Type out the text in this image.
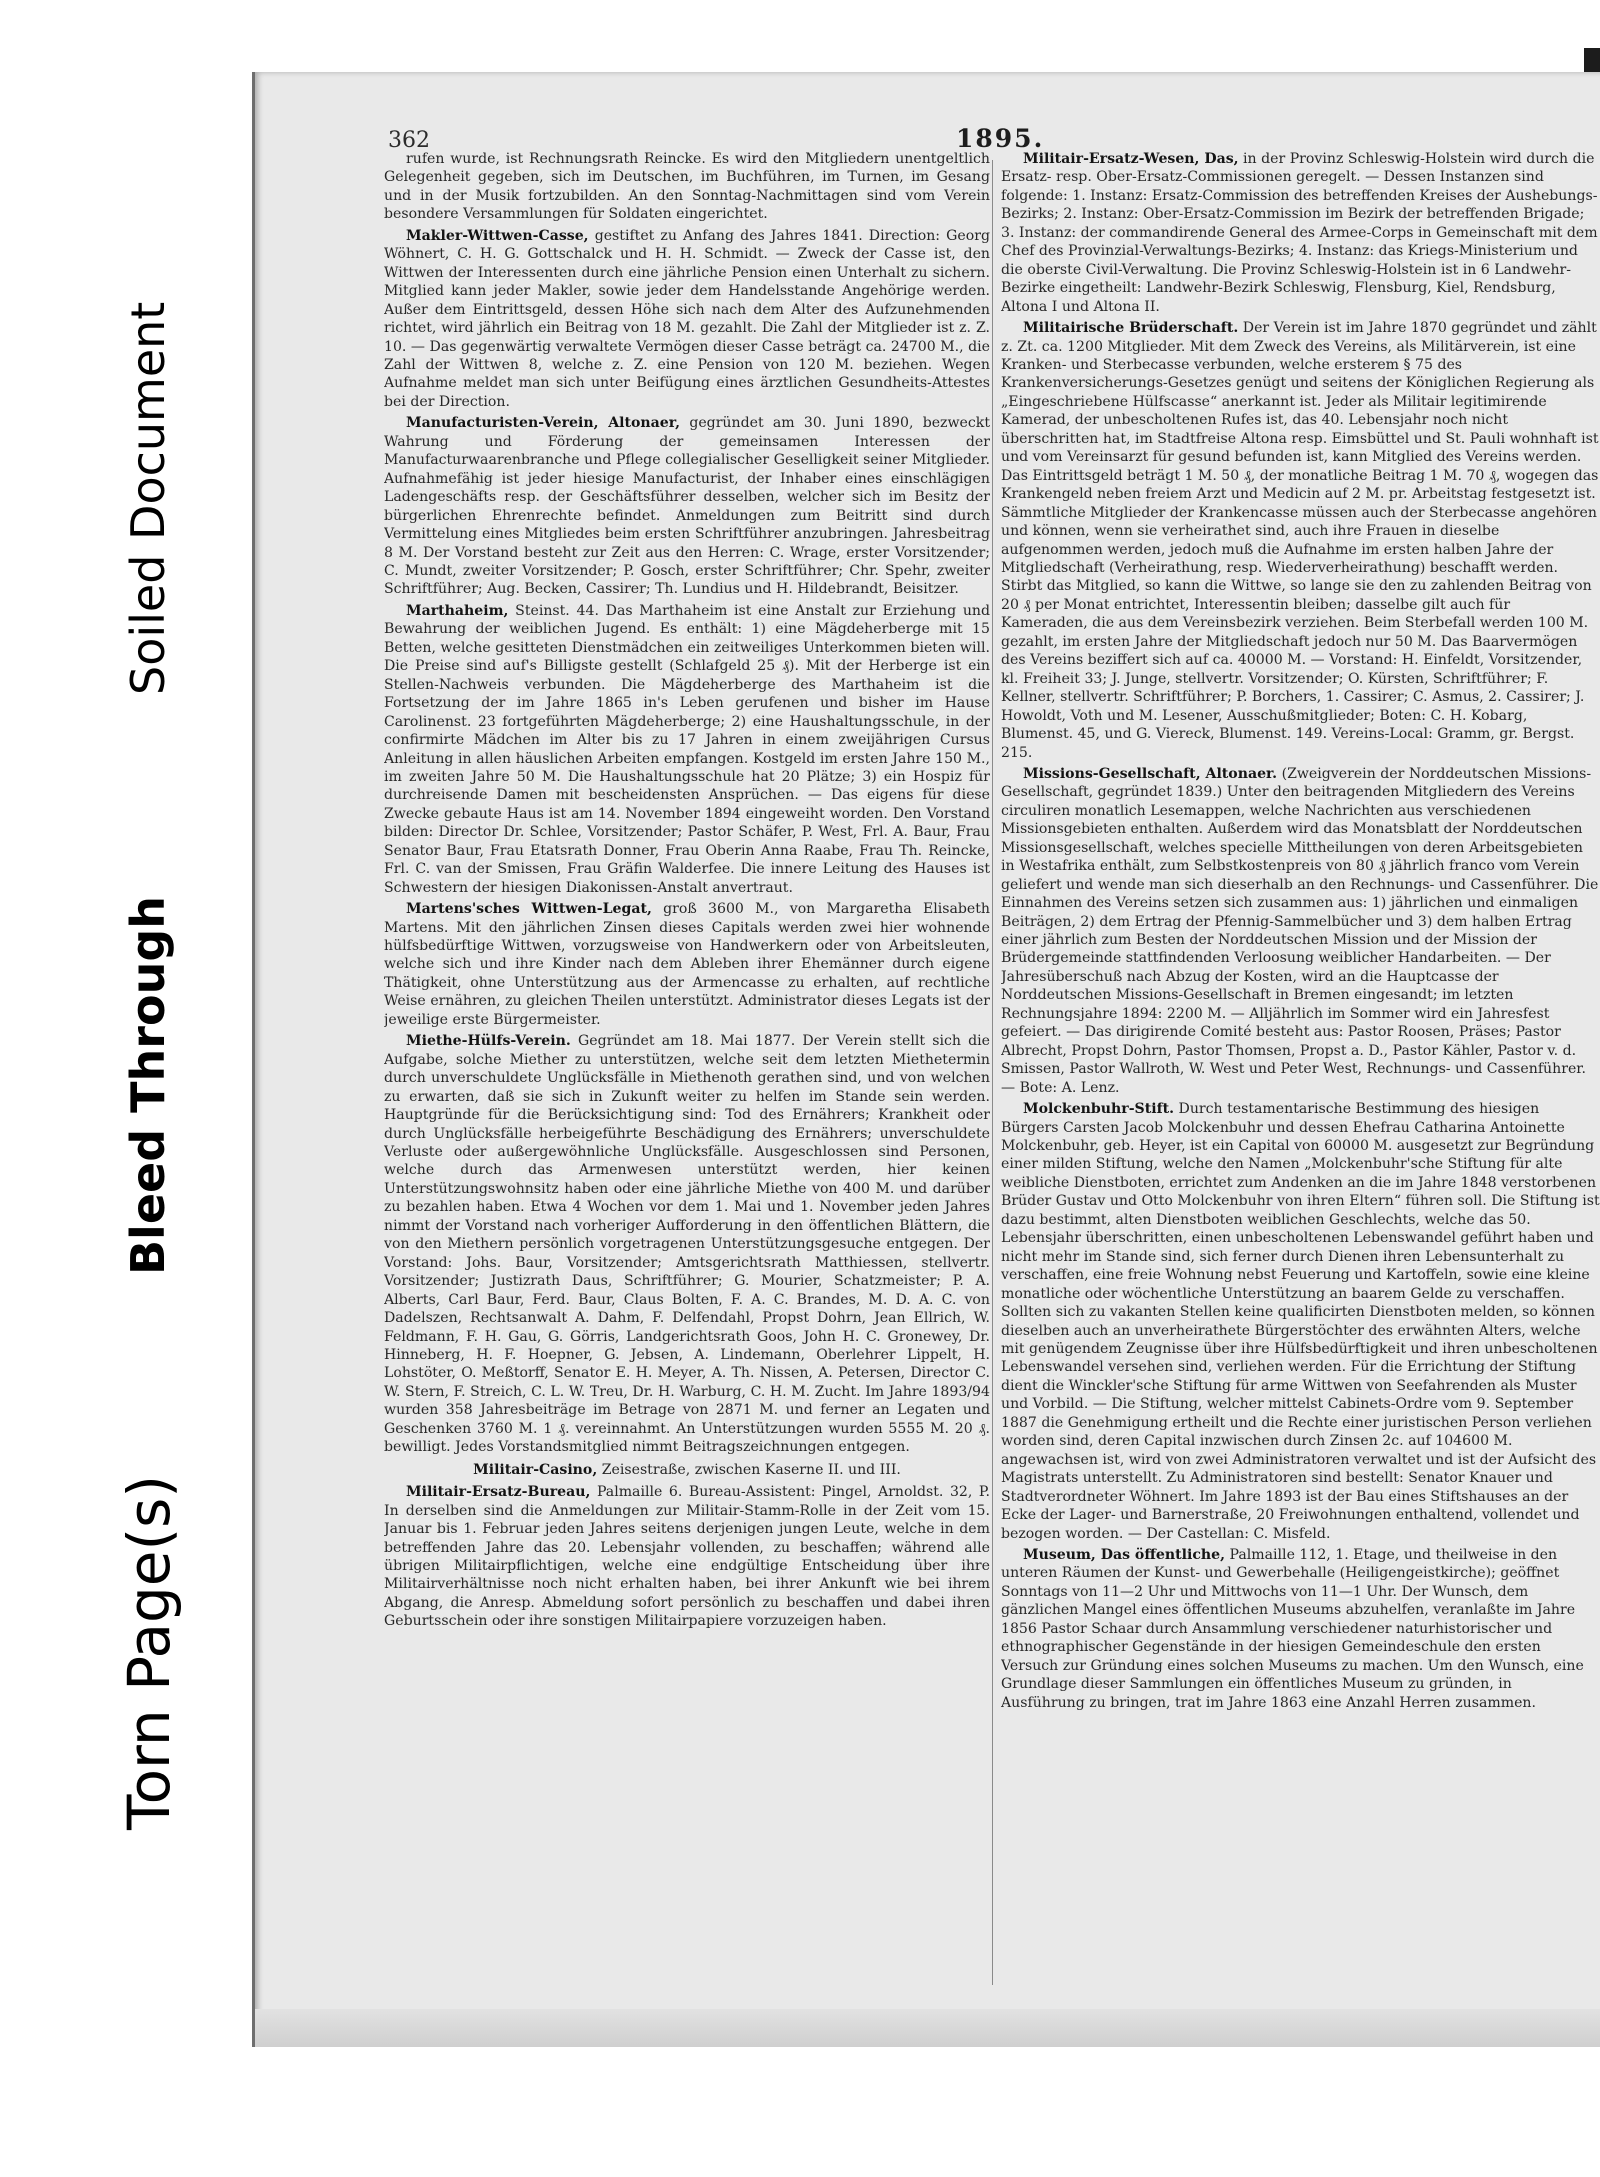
Torn Page(s)
Bleed Through
Soiled Document
362	1895.

rufen wurde, ist Rechnungsrath Reincke. Es wird den Mitgliedern unentgeltlich Gelegenheit gegeben, sich im Deutschen, im Buchführen, im Turnen, im Gesang und in der Musik fortzubilden. An den Sonntag-Nachmittagen sind vom Verein besondere Versammlungen für Soldaten eingerichtet.

Makler-Wittwen-Casse, gestiftet zu Anfang des Jahres 1841. Direction: Georg Wöhnert, C. H. G. Gottschalck und H. H. Schmidt. — Zweck der Casse ist, den Wittwen der Interessenten durch eine jährliche Pension einen Unterhalt zu sichern. Mitglied kann jeder Makler, sowie jeder dem Handelsstande Angehörige werden. Außer dem Eintrittsgeld, dessen Höhe sich nach dem Alter des Aufzunehmenden richtet, wird jährlich ein Beitrag von 18 M. gezahlt. Die Zahl der Mitglieder ist z. Z. 10. — Das gegenwärtig verwaltete Vermögen dieser Casse beträgt ca. 24700 M., die Zahl der Wittwen 8, welche z. Z. eine Pension von 120 M. beziehen. Wegen Aufnahme meldet man sich unter Beifügung eines ärztlichen Gesundheits-Attestes bei der Direction.

Manufacturisten-Verein, Altonaer, gegründet am 30. Juni 1890, bezweckt Wahrung und Förderung der gemeinsamen Interessen der Manufacturwaarenbranche und Pflege collegialischer Geselligkeit seiner Mitglieder. Aufnahmefähig ist jeder hiesige Manufacturist, der Inhaber eines einschlägigen Ladengeschäfts resp. der Geschäftsführer desselben, welcher sich im Besitz der bürgerlichen Ehrenrechte befindet. Anmeldungen zum Beitritt sind durch Vermittelung eines Mitgliedes beim ersten Schriftführer anzubringen. Jahresbeitrag 8 M. Der Vorstand besteht zur Zeit aus den Herren: C. Wrage, erster Vorsitzender; C. Mundt, zweiter Vorsitzender; P. Gosch, erster Schriftführer; Chr. Spehr, zweiter Schriftführer; Aug. Becken, Cassirer; Th. Lundius und H. Hildebrandt, Beisitzer.

Marthaheim, Steinst. 44. Das Marthaheim ist eine Anstalt zur Erziehung und Bewahrung der weiblichen Jugend. Es enthält: 1) eine Mägdeherberge mit 15 Betten, welche gesitteten Dienstmädchen ein zeitweiliges Unterkommen bieten will. Die Preise sind auf's Billigste gestellt (Schlafgeld 25 ₰). Mit der Herberge ist ein Stellen-Nachweis verbunden. Die Mägdeherberge des Marthaheim ist die Fortsetzung der im Jahre 1865 in's Leben gerufenen und bisher im Hause Carolinenst. 23 fortgeführten Mägdeherberge; 2) eine Haushaltungsschule, in der confirmirte Mädchen im Alter bis zu 17 Jahren in einem zweijährigen Cursus Anleitung in allen häuslichen Arbeiten empfangen. Kostgeld im ersten Jahre 150 M., im zweiten Jahre 50 M. Die Haushaltungsschule hat 20 Plätze; 3) ein Hospiz für durchreisende Damen mit bescheidensten Ansprüchen. — Das eigens für diese Zwecke gebaute Haus ist am 14. November 1894 eingeweiht worden. Den Vorstand bilden: Director Dr. Schlee, Vorsitzender; Pastor Schäfer, P. West, Frl. A. Baur, Frau Senator Baur, Frau Etatsrath Donner, Frau Oberin Anna Raabe, Frau Th. Reincke, Frl. C. van der Smissen, Frau Gräfin Walderfee. Die innere Leitung des Hauses ist Schwestern der hiesigen Diakonissen-Anstalt anvertraut.

Martens'sches Wittwen-Legat, groß 3600 M., von Margaretha Elisabeth Martens. Mit den jährlichen Zinsen dieses Capitals werden zwei hier wohnende hülfsbedürftige Wittwen, vorzugsweise von Handwerkern oder von Arbeitsleuten, welche sich und ihre Kinder nach dem Ableben ihrer Ehemänner durch eigene Thätigkeit, ohne Unterstützung aus der Armencasse zu erhalten, auf rechtliche Weise ernähren, zu gleichen Theilen unterstützt. Administrator dieses Legats ist der jeweilige erste Bürgermeister.

Miethe-Hülfs-Verein. Gegründet am 18. Mai 1877. Der Verein stellt sich die Aufgabe, solche Miether zu unterstützen, welche seit dem letzten Miethetermin durch unverschuldete Unglücksfälle in Miethenoth gerathen sind, und von welchen zu erwarten, daß sie sich in Zukunft weiter zu helfen im Stande sein werden. Hauptgründe für die Berücksichtigung sind: Tod des Ernährers; Krankheit oder durch Unglücksfälle herbeigeführte Beschädigung des Ernährers; unverschuldete Verluste oder außergewöhnliche Unglücksfälle. Ausgeschlossen sind Personen, welche durch das Armenwesen unterstützt werden, hier keinen Unterstützungswohnsitz haben oder eine jährliche Miethe von 400 M. und darüber zu bezahlen haben. Etwa 4 Wochen vor dem 1. Mai und 1. November jeden Jahres nimmt der Vorstand nach vorheriger Aufforderung in den öffentlichen Blättern, die von den Miethern persönlich vorgetragenen Unterstützungsgesuche entgegen. Der Vorstand: Johs. Baur, Vorsitzender; Amtsgerichtsrath Matthiessen, stellvertr. Vorsitzender; Justizrath Daus, Schriftführer; G. Mourier, Schatzmeister; P. A. Alberts, Carl Baur, Ferd. Baur, Claus Bolten, F. A. C. Brandes, M. D. A. C. von Dadelszen, Rechtsanwalt A. Dahm, F. Delfendahl, Propst Dohrn, Jean Ellrich, W. Feldmann, F. H. Gau, G. Görris, Landgerichtsrath Goos, John H. C. Gronewey, Dr. Hinneberg, H. F. Hoepner, G. Jebsen, A. Lindemann, Oberlehrer Lippelt, H. Lohstöter, O. Meßtorff, Senator E. H. Meyer, A. Th. Nissen, A. Petersen, Director C. W. Stern, F. Streich, C. L. W. Treu, Dr. H. Warburg, C. H. M. Zucht. Im Jahre 1893/94 wurden 358 Jahresbeiträge im Betrage von 2871 M. und ferner an Legaten und Geschenken 3760 M. 1 ₰. vereinnahmt. An Unterstützungen wurden 5555 M. 20 ₰. bewilligt. Jedes Vorstandsmitglied nimmt Beitragszeichnungen entgegen.

Militair-Casino, Zeisestraße, zwischen Kaserne II. und III.

Militair-Ersatz-Bureau, Palmaille 6. Bureau-Assistent: Pingel, Arnoldst. 32, P. In derselben sind die Anmeldungen zur Militair-Stamm-Rolle in der Zeit vom 15. Januar bis 1. Februar jeden Jahres seitens derjenigen jungen Leute, welche in dem betreffenden Jahre das 20. Lebensjahr vollenden, zu beschaffen; während alle übrigen Militairpflichtigen, welche eine endgültige Entscheidung über ihre Militairverhältnisse noch nicht erhalten haben, bei ihrer Ankunft wie bei ihrem Abgang, die Anresp. Abmeldung sofort persönlich zu beschaffen und dabei ihren Geburtsschein oder ihre sonstigen Militairpapiere vorzuzeigen haben.

Militair-Ersatz-Wesen, Das, in der Provinz Schleswig-Holstein wird durch die Ersatz- resp. Ober-Ersatz-Commissionen geregelt. — Dessen Instanzen sind folgende: 1. Instanz: Ersatz-Commission des betreffenden Kreises der Aushebungs-Bezirks; 2. Instanz: Ober-Ersatz-Commission im Bezirk der betreffenden Brigade; 3. Instanz: der commandirende General des Armee-Corps in Gemeinschaft mit dem Chef des Provinzial-Verwaltungs-Bezirks; 4. Instanz: das Kriegs-Ministerium und die oberste Civil-Verwaltung. Die Provinz Schleswig-Holstein ist in 6 Landwehr-Bezirke eingetheilt: Landwehr-Bezirk Schleswig, Flensburg, Kiel, Rendsburg, Altona I und Altona II.

Militairische Brüderschaft. Der Verein ist im Jahre 1870 gegründet und zählt z. Zt. ca. 1200 Mitglieder. Mit dem Zweck des Vereins, als Militärverein, ist eine Kranken- und Sterbecasse verbunden, welche ersterem § 75 des Krankenversicherungs-Gesetzes genügt und seitens der Königlichen Regierung als „Eingeschriebene Hülfscasse“ anerkannt ist. Jeder als Militair legitimirende Kamerad, der unbescholtenen Rufes ist, das 40. Lebensjahr noch nicht überschritten hat, im Stadtfreise Altona resp. Eimsbüttel und St. Pauli wohnhaft ist und vom Vereinsarzt für gesund befunden ist, kann Mitglied des Vereins werden. Das Eintrittsgeld beträgt 1 M. 50 ₰, der monatliche Beitrag 1 M. 70 ₰, wogegen das Krankengeld neben freiem Arzt und Medicin auf 2 M. pr. Arbeitstag festgesetzt ist. Sämmtliche Mitglieder der Krankencasse müssen auch der Sterbecasse angehören und können, wenn sie verheirathet sind, auch ihre Frauen in dieselbe aufgenommen werden, jedoch muß die Aufnahme im ersten halben Jahre der Mitgliedschaft (Verheirathung, resp. Wiederverheirathung) beschafft werden. Stirbt das Mitglied, so kann die Wittwe, so lange sie den zu zahlenden Beitrag von 20 ₰ per Monat entrichtet, Interessentin bleiben; dasselbe gilt auch für Kameraden, die aus dem Vereinsbezirk verziehen. Beim Sterbefall werden 100 M. gezahlt, im ersten Jahre der Mitgliedschaft jedoch nur 50 M. Das Baarvermögen des Vereins beziffert sich auf ca. 40000 M. — Vorstand: H. Einfeldt, Vorsitzender, kl. Freiheit 33; J. Junge, stellvertr. Vorsitzender; O. Kürsten, Schriftführer; F. Kellner, stellvertr. Schriftführer; P. Borchers, 1. Cassirer; C. Asmus, 2. Cassirer; J. Howoldt, Voth und M. Lesener, Ausschußmitglieder; Boten: C. H. Kobarg, Blumenst. 45, und G. Viereck, Blumenst. 149. Vereins-Local: Gramm, gr. Bergst. 215.

Missions-Gesellschaft, Altonaer. (Zweigverein der Norddeutschen Missions-Gesellschaft, gegründet 1839.) Unter den beitragenden Mitgliedern des Vereins circuliren monatlich Lesemappen, welche Nachrichten aus verschiedenen Missionsgebieten enthalten. Außerdem wird das Monatsblatt der Norddeutschen Missionsgesellschaft, welches specielle Mittheilungen von deren Arbeitsgebieten in Westafrika enthält, zum Selbstkostenpreis von 80 ₰ jährlich franco vom Verein geliefert und wende man sich dieserhalb an den Rechnungs- und Cassenführer. Die Einnahmen des Vereins setzen sich zusammen aus: 1) jährlichen und einmaligen Beiträgen, 2) dem Ertrag der Pfennig-Sammelbücher und 3) dem halben Ertrag einer jährlich zum Besten der Norddeutschen Mission und der Mission der Brüdergemeinde stattfindenden Verloosung weiblicher Handarbeiten. — Der Jahresüberschuß nach Abzug der Kosten, wird an die Hauptcasse der Norddeutschen Missions-Gesellschaft in Bremen eingesandt; im letzten Rechnungsjahre 1894: 2200 M. — Alljährlich im Sommer wird ein Jahresfest gefeiert. — Das dirigirende Comité besteht aus: Pastor Roosen, Präses; Pastor Albrecht, Propst Dohrn, Pastor Thomsen, Propst a. D., Pastor Kähler, Pastor v. d. Smissen, Pastor Wallroth, W. West und Peter West, Rechnungs- und Cassenführer. — Bote: A. Lenz.

Molckenbuhr-Stift. Durch testamentarische Bestimmung des hiesigen Bürgers Carsten Jacob Molckenbuhr und dessen Ehefrau Catharina Antoinette Molckenbuhr, geb. Heyer, ist ein Capital von 60000 M. ausgesetzt zur Begründung einer milden Stiftung, welche den Namen „Molckenbuhr'sche Stiftung für alte weibliche Dienstboten, errichtet zum Andenken an die im Jahre 1848 verstorbenen Brüder Gustav und Otto Molckenbuhr von ihren Eltern“ führen soll. Die Stiftung ist dazu bestimmt, alten Dienstboten weiblichen Geschlechts, welche das 50. Lebensjahr überschritten, einen unbescholtenen Lebenswandel geführt haben und nicht mehr im Stande sind, sich ferner durch Dienen ihren Lebensunterhalt zu verschaffen, eine freie Wohnung nebst Feuerung und Kartoffeln, sowie eine kleine monatliche oder wöchentliche Unterstützung an baarem Gelde zu verschaffen. Sollten sich zu vakanten Stellen keine qualificirten Dienstboten melden, so können dieselben auch an unverheirathete Bürgerstöchter des erwähnten Alters, welche mit genügendem Zeugnisse über ihre Hülfsbedürftigkeit und ihren unbescholtenen Lebenswandel versehen sind, verliehen werden. Für die Errichtung der Stiftung dient die Winckler'sche Stiftung für arme Wittwen von Seefahrenden als Muster und Vorbild. — Die Stiftung, welcher mittelst Cabinets-Ordre vom 9. September 1887 die Genehmigung ertheilt und die Rechte einer juristischen Person verliehen worden sind, deren Capital inzwischen durch Zinsen 2c. auf 104600 M. angewachsen ist, wird von zwei Administratoren verwaltet und ist der Aufsicht des Magistrats unterstellt. Zu Administratoren sind bestellt: Senator Knauer und Stadtverordneter Wöhnert. Im Jahre 1893 ist der Bau eines Stiftshauses an der Ecke der Lager- und Barnerstraße, 20 Freiwohnungen enthaltend, vollendet und bezogen worden. — Der Castellan: C. Misfeld.

Museum, Das öffentliche, Palmaille 112, 1. Etage, und theilweise in den unteren Räumen der Kunst- und Gewerbehalle (Heiligengeistkirche); geöffnet Sonntags von 11—2 Uhr und Mittwochs von 11—1 Uhr. Der Wunsch, dem gänzlichen Mangel eines öffentlichen Museums abzuhelfen, veranlaßte im Jahre 1856 Pastor Schaar durch Ansammlung verschiedener naturhistorischer und ethnographischer Gegenstände in der hiesigen Gemeindeschule den ersten Versuch zur Gründung eines solchen Museums zu machen. Um den Wunsch, eine Grundlage dieser Sammlungen ein öffentliches Museum zu gründen, in Ausführung zu bringen, trat im Jahre 1863 eine Anzahl Herren zusammen.
